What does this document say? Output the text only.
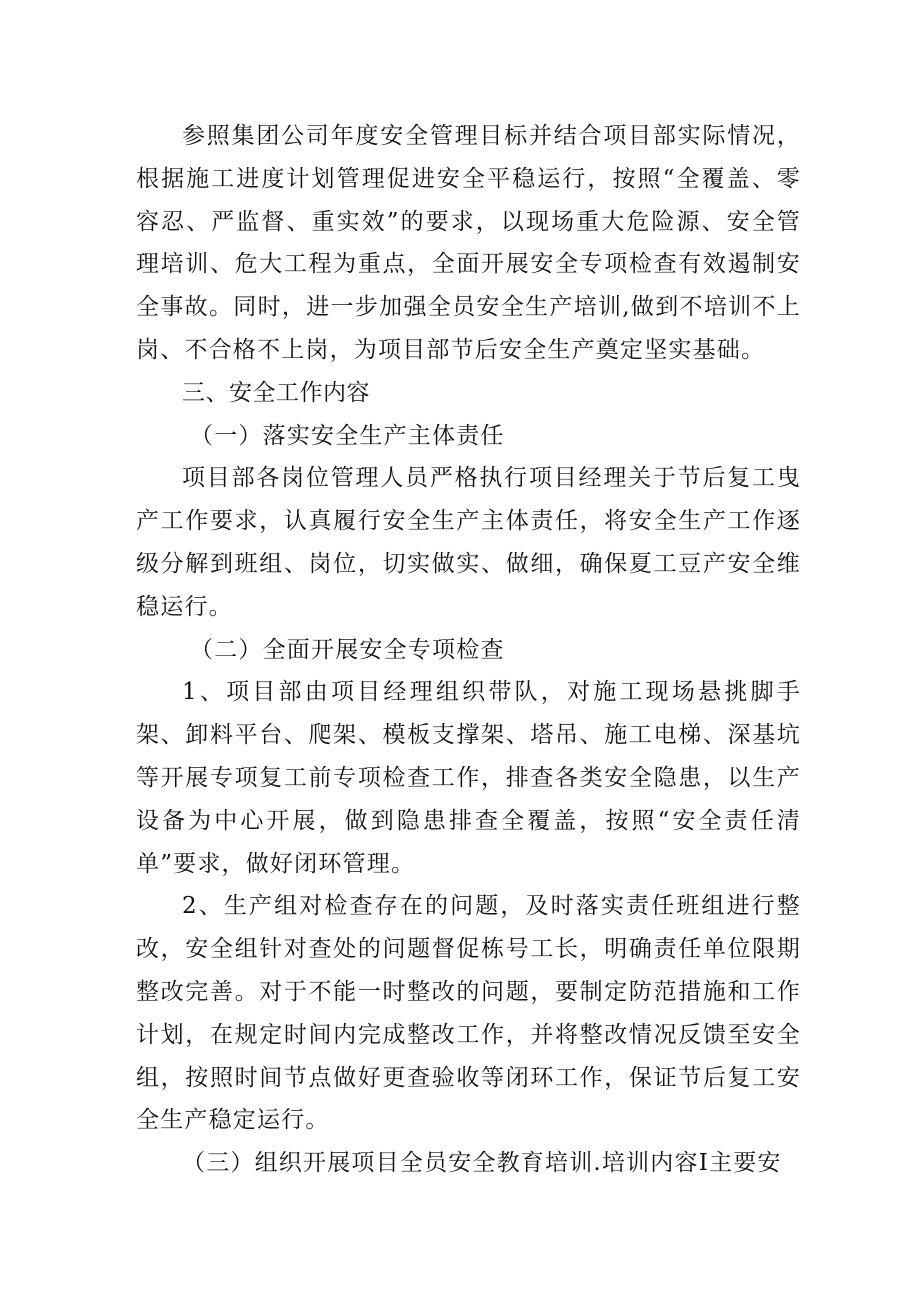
参照集团公司年度安全管理目标并结合项目部实际情况，根据施工进度计划管理促进安全平稳运行，按照“全覆盖、零容忍、严监督、重实效”的要求，以现场重大危险源、安全管理培训、危大工程为重点，全面开展安全专项检查有效遏制安全事故。同时，进一步加强全员安全生产培训,做到不培训不上岗、不合格不上岗，为项目部节后安全生产奠定坚实基础。

三、安全工作内容

（一）落实安全生产主体责任

项目部各岗位管理人员严格执行项目经理关于节后复工曳产工作要求，认真履行安全生产主体责任，将安全生产工作逐级分解到班组、岗位，切实做实、做细，确保夏工豆产安全维稳运行。

（二）全面开展安全专项检查

1、项目部由项目经理组织带队，对施工现场悬挑脚手架、卸料平台、爬架、模板支撑架、塔吊、施工电梯、深基坑等开展专项复工前专项检查工作，排查各类安全隐患，以生产设备为中心开展，做到隐患排查全覆盖，按照“安全责任清单”要求，做好闭环管理。

2、生产组对检查存在的问题，及时落实责任班组进行整改，安全组针对查处的问题督促栋号工长，明确责任单位限期整改完善。对于不能一时整改的问题，要制定防范措施和工作计划，在规定时间内完成整改工作，并将整改情况反馈至安全组，按照时间节点做好更查验收等闭环工作，保证节后复工安全生产稳定运行。

（三）组织开展项目全员安全教育培训.培训内容I主要安
